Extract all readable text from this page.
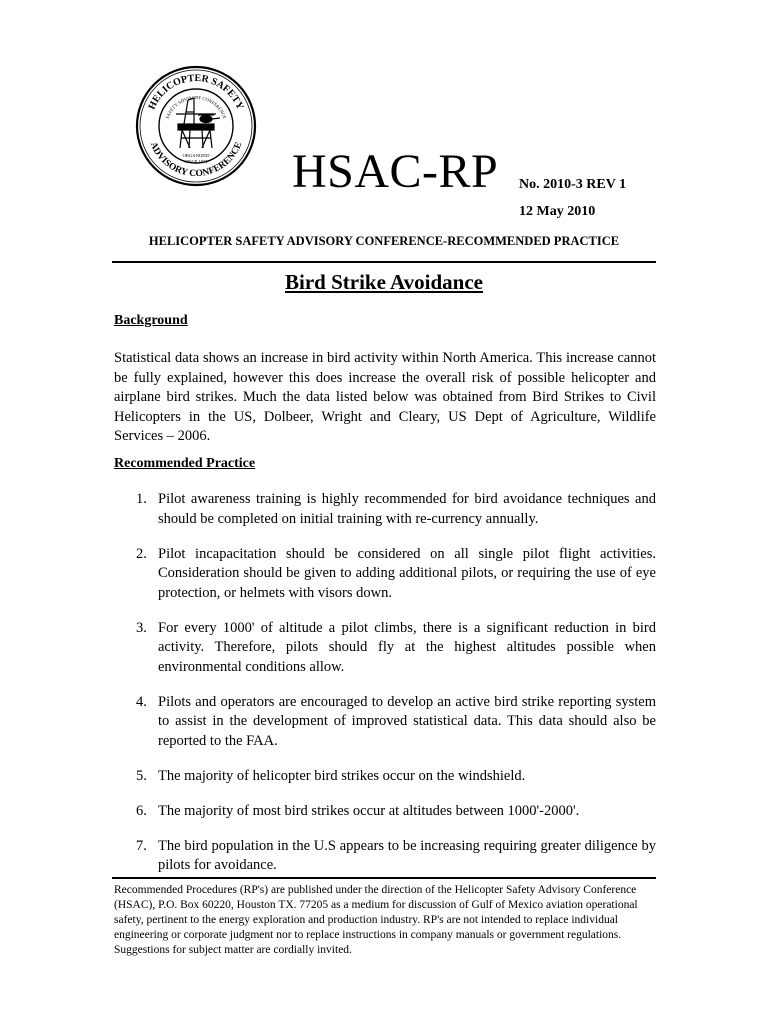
HELICOPTER SAFETY
SAFETY ADVISORY CONFERENCE
ADVISORY CONFERENCE
ORGANIZED
SINCE 1971 HSAC-RP No. 2010-3 REV 1
12 May 2010
HELICOPTER SAFETY ADVISORY CONFERENCE-RECOMMENDED PRACTICE
Bird Strike Avoidance
Background

Statistical data shows an increase in bird activity within North America. This increase cannot be fully explained, however this does increase the overall risk of possible helicopter and airplane bird strikes. Much the data listed below was obtained from Bird Strikes to Civil Helicopters in the US, Dolbeer, Wright and Cleary, US Dept of Agriculture, Wildlife Services – 2006.

Recommended Practice
1. Pilot awareness training is highly recommended for bird avoidance techniques and should be completed on initial training with re-currency annually.
2. Pilot incapacitation should be considered on all single pilot flight activities. Consideration should be given to adding additional pilots, or requiring the use of eye protection, or helmets with visors down.
3. For every 1000' of altitude a pilot climbs, there is a significant reduction in bird activity. Therefore, pilots should fly at the highest altitudes possible when environmental conditions allow.
4. Pilots and operators are encouraged to develop an active bird strike reporting system to assist in the development of improved statistical data. This data should also be reported to the FAA.
5. The majority of helicopter bird strikes occur on the windshield.
6. The majority of most bird strikes occur at altitudes between 1000'-2000'.
7. The bird population in the U.S appears to be increasing requiring greater diligence by pilots for avoidance.

Recommended Procedures (RP's) are published under the direction of the Helicopter Safety Advisory Conference (HSAC), P.O. Box 60220, Houston TX. 77205 as a medium for discussion of Gulf of Mexico aviation operational safety, pertinent to the energy exploration and production industry. RP's are not intended to replace individual engineering or corporate judgment nor to replace instructions in company manuals or government regulations. Suggestions for subject matter are cordially invited.
